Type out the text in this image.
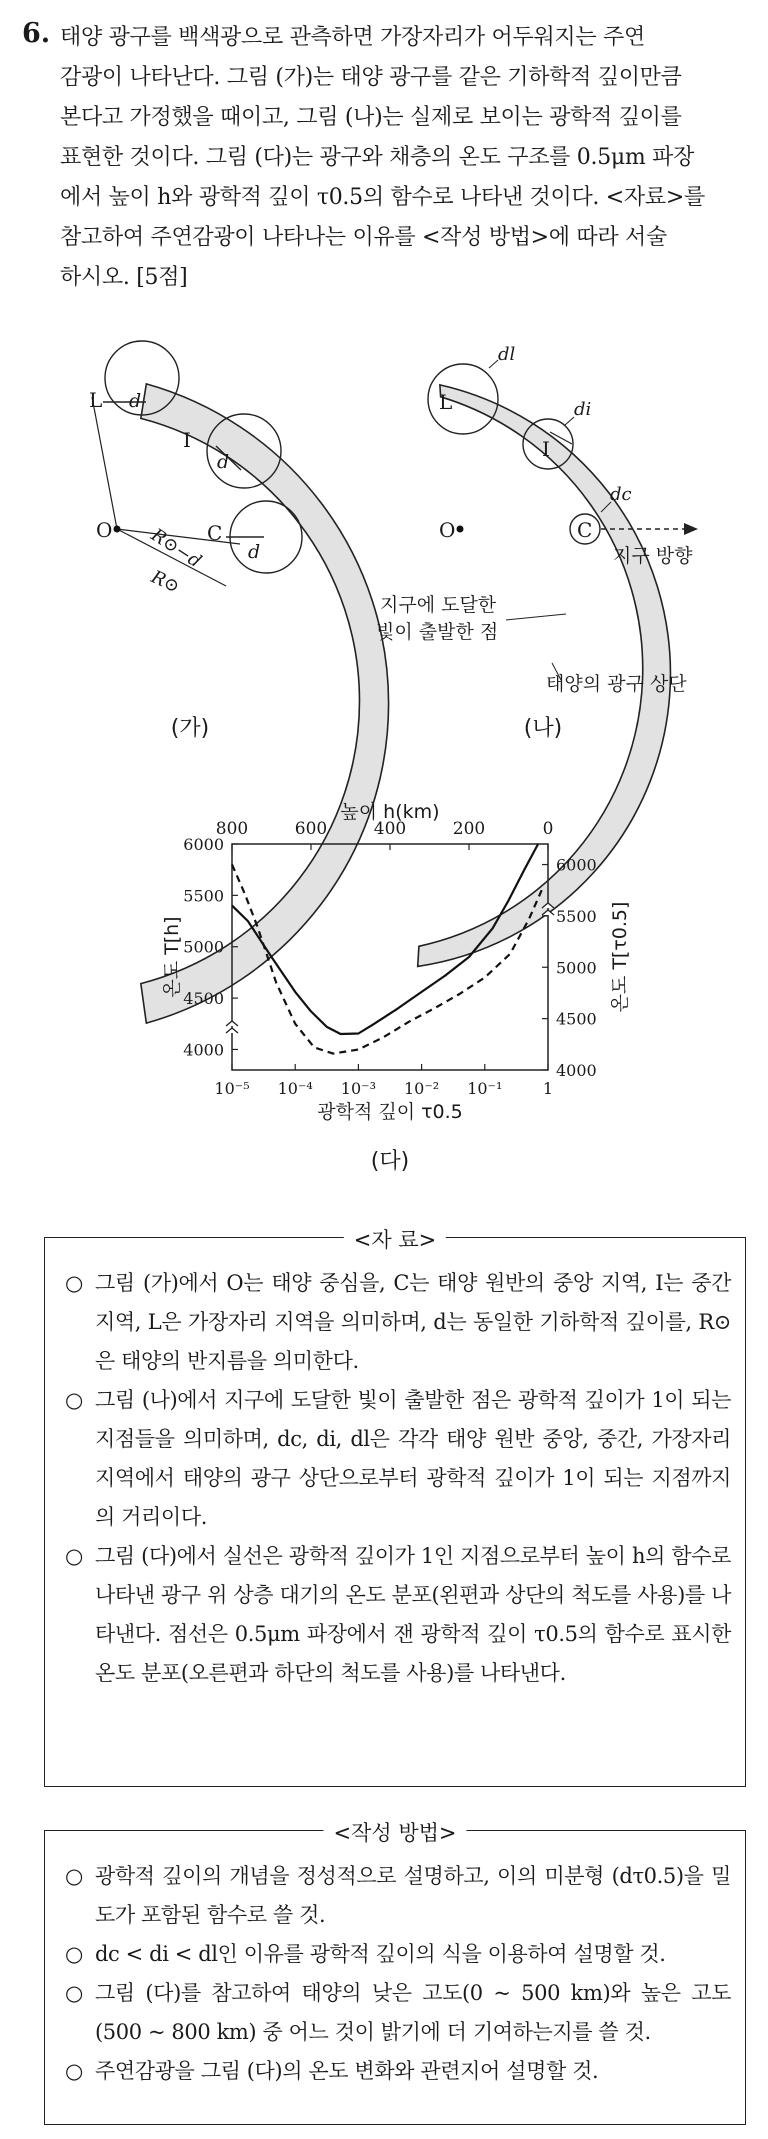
6. 태양 광구를 백색광으로 관측하면 가장자리가 어두워지는 주연

감광이 나타난다. 그림 (가)는 태양 광구를 같은 기하학적 깊이만큼

본다고 가정했을 때이고, 그림 (나)는 실제로 보이는 광학적 깊이를

표현한 것이다. 그림 (다)는 광구와 채층의 온도 구조를 0.5μm 파장

에서 높이 h와 광학적 깊이 τ0.5의 함수로 나타낸 것이다. <자료>를

참고하여 주연감광이 나타나는 이유를 <작성 방법>에 따라 서술

하시오. [5점]

O
L d
I
d
C
d
R⊙−d
R⊙
(가)
O
L
dl
I
di
C
dc
지구 방향
지구에 도달한
빛이 출발한 점
태양의 광구 상단
(나)
높이 h(km)
광학적 깊이 τ0.5
온도 T[h]	온도 T[τ0.5]
800	600	400	200	0
10⁻⁵ 10⁻⁴ 10⁻³ 10⁻² 10⁻¹	1
4000
4500
5000
5500
6000
4000
4500
5000
5500
6000
(다)
<자 료>
○ 그림 (가)에서 O는 태양 중심을, C는 태양 원반의 중앙 지역, I는 중간 지역, L은 가장자리 지역을 의미하며, d는 동일한 기하학적 깊이를, R⊙은 태양의 반지름을 의미한다.
○ 그림 (나)에서 지구에 도달한 빛이 출발한 점은 광학적 깊이가 1이 되는 지점들을 의미하며, dc, di, dl은 각각 태양 원반 중앙, 중간, 가장자리 지역에서 태양의 광구 상단으로부터 광학적 깊이가 1이 되는 지점까지의 거리이다.
○ 그림 (다)에서 실선은 광학적 깊이가 1인 지점으로부터 높이 h의 함수로 나타낸 광구 위 상층 대기의 온도 분포(왼편과 상단의 척도를 사용)를 나타낸다. 점선은 0.5μm 파장에서 잰 광학적 깊이 τ0.5의 함수로 표시한 온도 분포(오른편과 하단의 척도를 사용)를 나타낸다.
<작성 방법>
○ 광학적 깊이의 개념을 정성적으로 설명하고, 이의 미분형 (dτ0.5)을 밀도가 포함된 함수로 쓸 것.
○ dc < di < dl인 이유를 광학적 깊이의 식을 이용하여 설명할 것.
○ 그림 (다)를 참고하여 태양의 낮은 고도(0 ~ 500 km)와 높은 고도(500 ~ 800 km) 중 어느 것이 밝기에 더 기여하는지를 쓸 것.
○ 주연감광을 그림 (다)의 온도 변화와 관련지어 설명할 것.
